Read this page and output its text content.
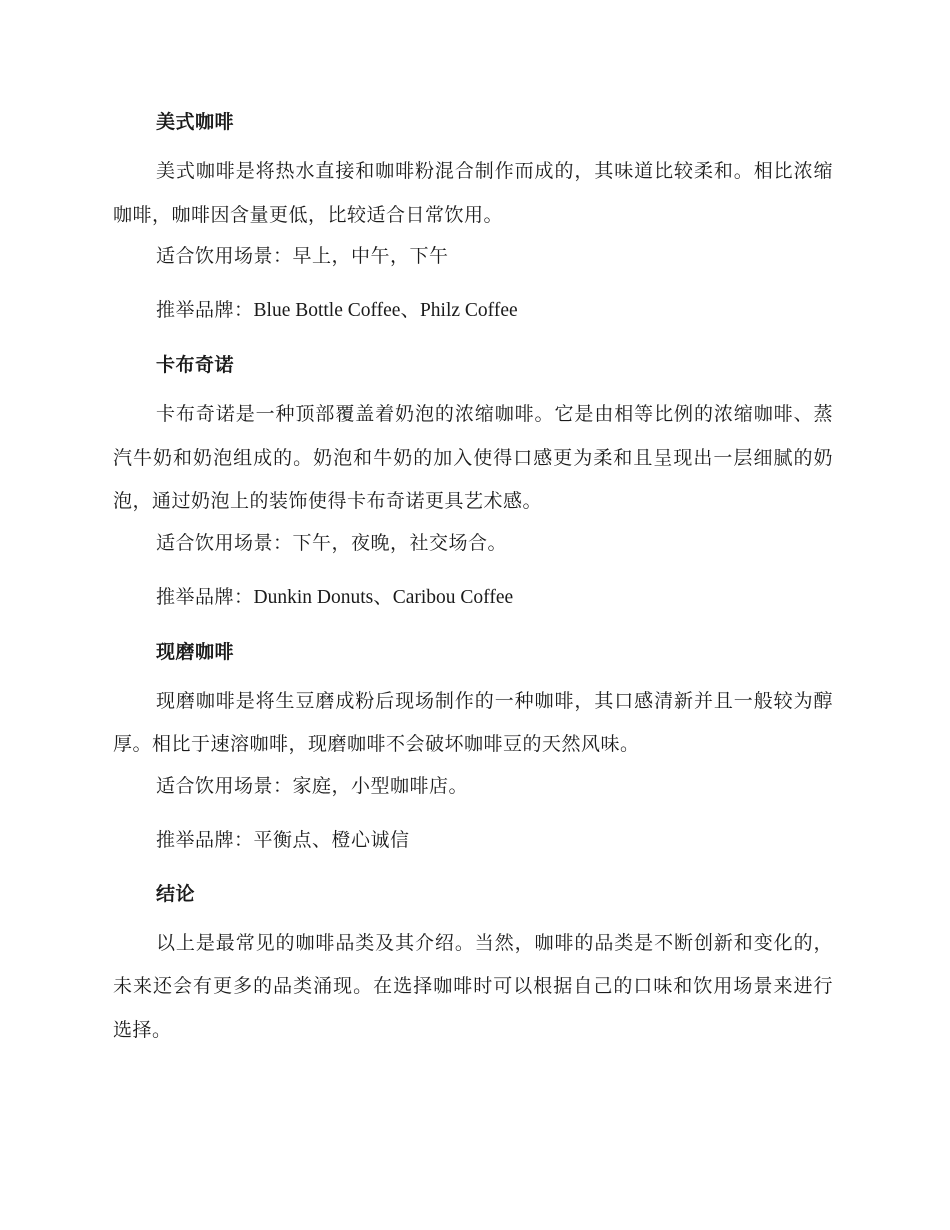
美式咖啡

美式咖啡是将热水直接和咖啡粉混合制作而成的，其味道比较柔和。相比浓缩咖啡，咖啡因含量更低，比较适合日常饮用。

适合饮用场景：早上，中午，下午
推举品牌：Blue Bottle Coffee、Philz Coffee
卡布奇诺

卡布奇诺是一种顶部覆盖着奶泡的浓缩咖啡。它是由相等比例的浓缩咖啡、蒸汽牛奶和奶泡组成的。奶泡和牛奶的加入使得口感更为柔和且呈现出一层细腻的奶泡，通过奶泡上的装饰使得卡布奇诺更具艺术感。

适合饮用场景：下午，夜晚，社交场合。
推举品牌：Dunkin Donuts、Caribou Coffee
现磨咖啡

现磨咖啡是将生豆磨成粉后现场制作的一种咖啡，其口感清新并且一般较为醇厚。相比于速溶咖啡，现磨咖啡不会破坏咖啡豆的天然风味。

适合饮用场景：家庭，小型咖啡店。
推举品牌：平衡点、橙心诚信
结论

以上是最常见的咖啡品类及其介绍。当然，咖啡的品类是不断创新和变化的，未来还会有更多的品类涌现。在选择咖啡时可以根据自己的口味和饮用场景来进行选择。
